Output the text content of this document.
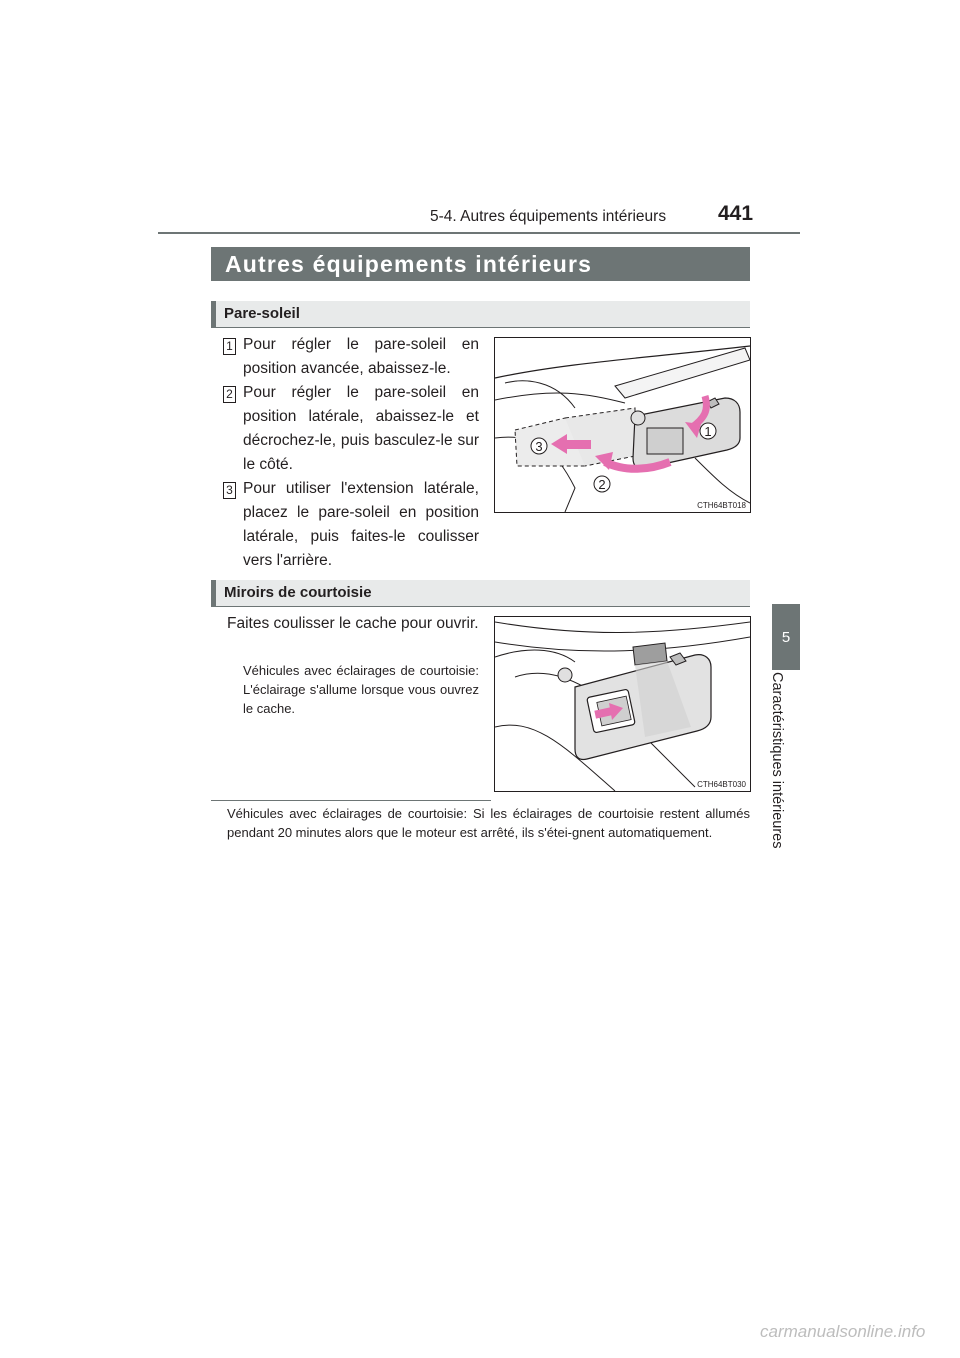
5-4. Autres équipements intérieurs 441
5
Caractéristiques intérieures
Autres équipements intérieurs
Pare-soleil
1 Pour régler le pare-soleil en position avancée, abaissez-le.
2 Pour régler le pare-soleil en position latérale, abaissez-le et décrochez-le, puis basculez-le sur le côté.
3 Pour utiliser l'extension latérale, placez le pare-soleil en position latérale, puis faites-le coulisser vers l'arrière.
1
2
3
CTH64BT018
Miroirs de courtoisie
Faites coulisser le cache pour ouvrir.
Véhicules avec éclairages de courtoisie: L'éclairage s'allume lorsque vous ouvrez le cache.
CTH64BT030
Véhicules avec éclairages de courtoisie: Si les éclairages de courtoisie restent allumés pendant 20 minutes alors que le moteur est arrêté, ils s'étei-gnent automatiquement.
carmanualsonline.info
